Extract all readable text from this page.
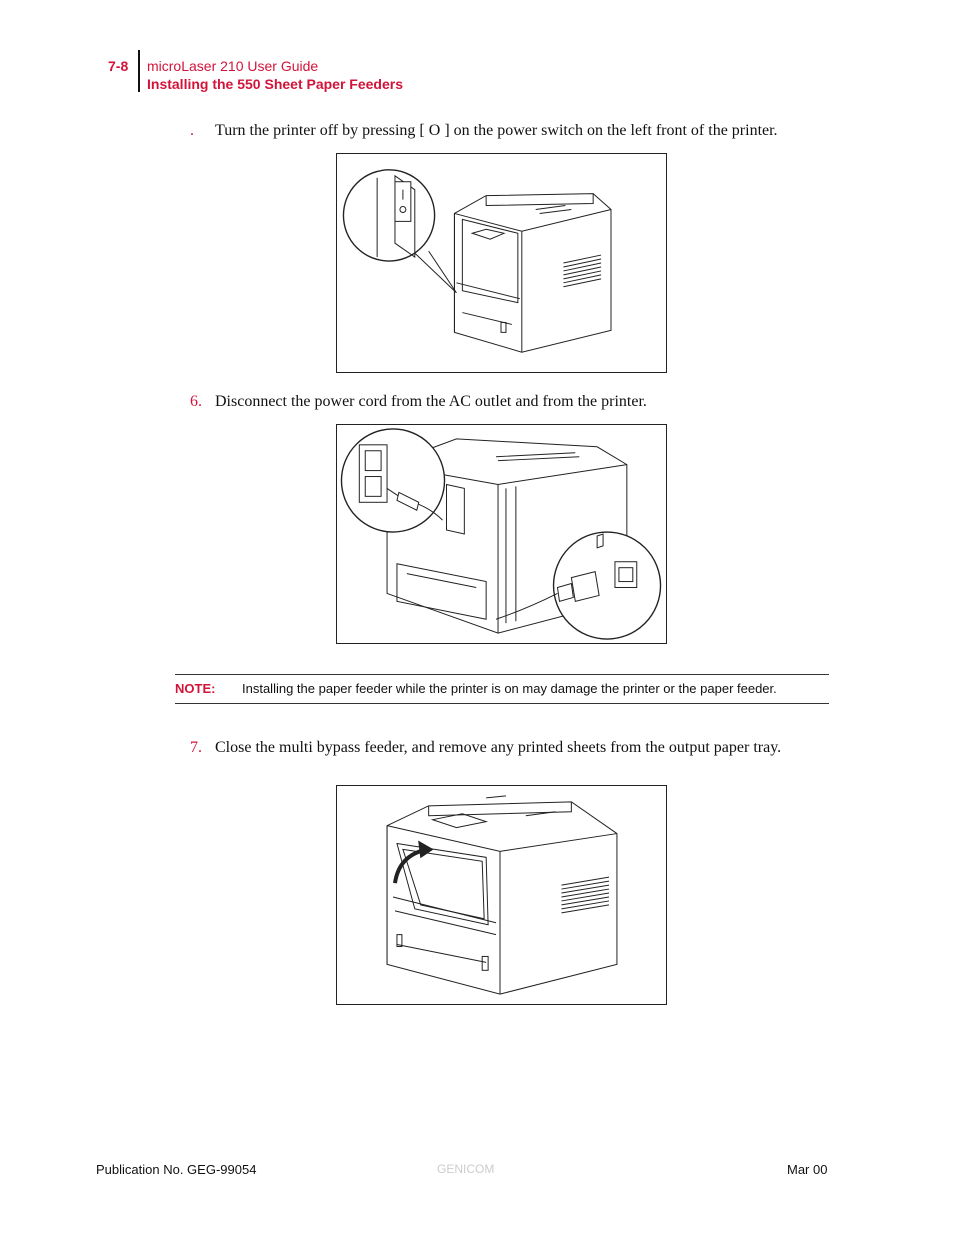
7-8 microLaser 210 User Guide
Installing the 550 Sheet Paper Feeders
. Turn the printer off by pressing [ O ] on the power switch on the left front of the printer.
6. Disconnect the power cord from the AC outlet and from the printer.
NOTE: Installing the paper feeder while the printer is on may damage the printer or the paper feeder.
7. Close the multi bypass feeder, and remove any printed sheets from the output paper tray.
Publication No. GEG-99054	GENICOM	Mar 00
